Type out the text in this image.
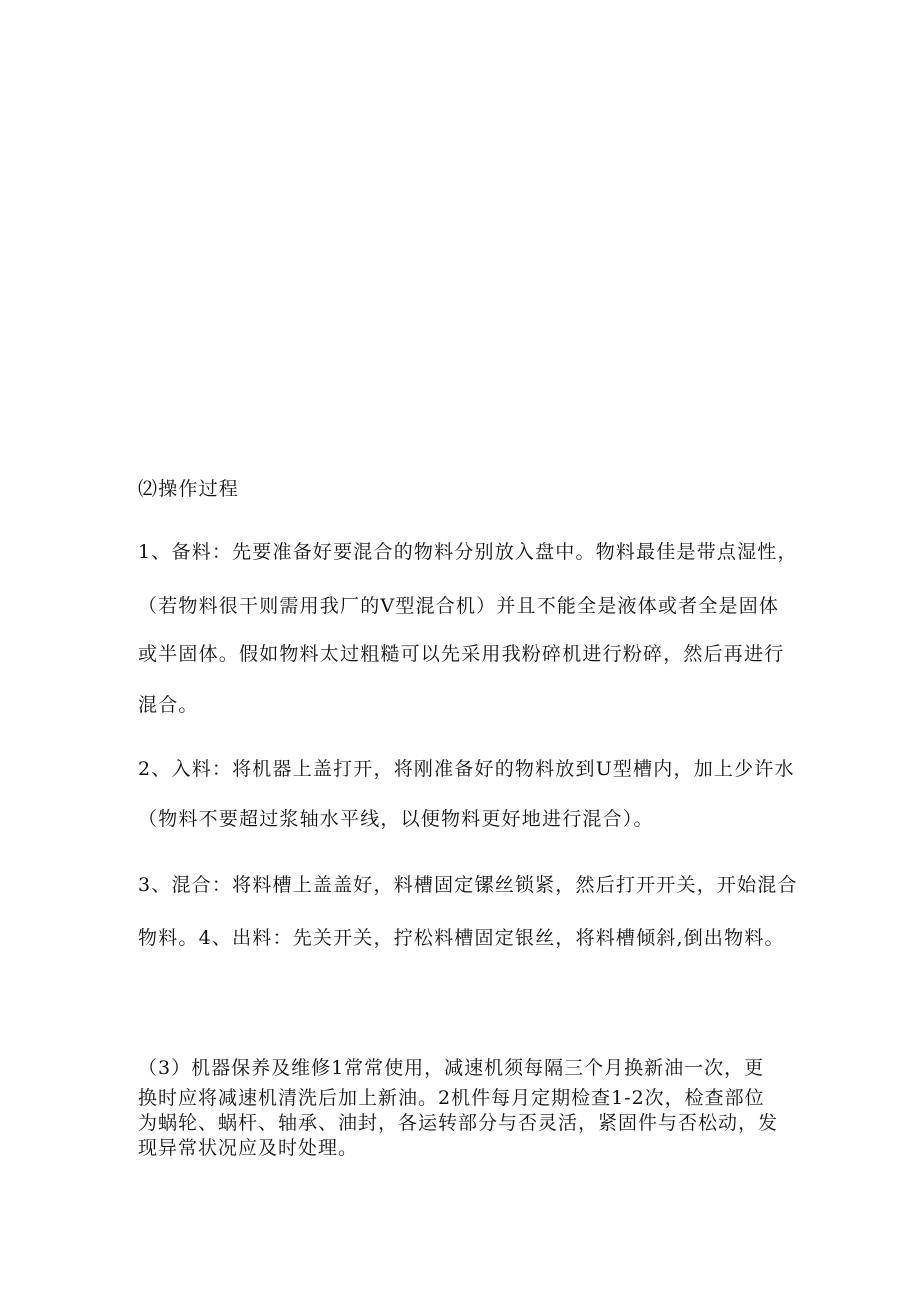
⑵操作过程
1、备料：先要准备好要混合的物料分别放入盘中。物料最佳是带点湿性，
（若物料很干则需用我厂的V型混合机）并且不能全是液体或者全是固体
或半固体。假如物料太过粗糙可以先采用我粉碎机进行粉碎，然后再进行
混合。
2、入料：将机器上盖打开，将刚准备好的物料放到U型槽内，加上少许水
（物料不要超过浆轴水平线，以便物料更好地进行混合）。
3、混合：将料槽上盖盖好，料槽固定镙丝锁紧，然后打开开关，开始混合
物料。4、出料：先关开关，拧松料槽固定银丝，将料槽倾斜,倒出物料。
（3）机器保养及维修1常常使用，减速机须每隔三个月换新油一次，更
换时应将减速机清洗后加上新油。2机件每月定期检查1-2次，检查部位
为蜗轮、蜗杆、轴承、油封，各运转部分与否灵活，紧固件与否松动，发
现异常状况应及时处理。
